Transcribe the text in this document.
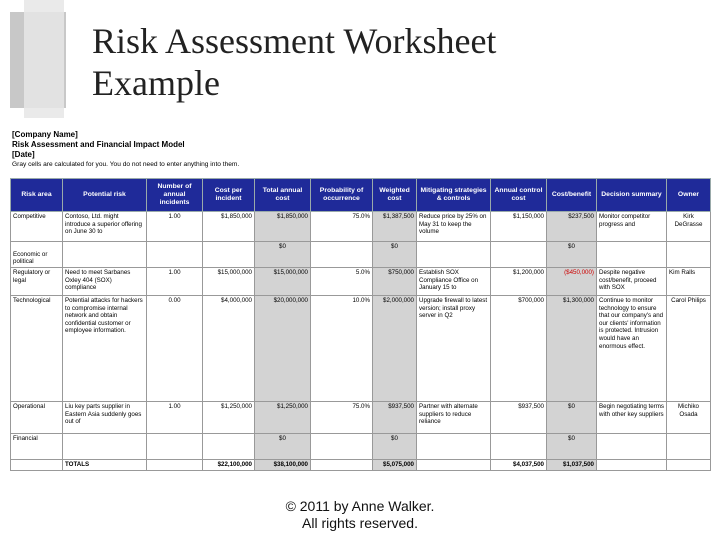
Risk Assessment Worksheet
Example
[Company Name]
Risk Assessment and Financial Impact Model
[Date]
Gray cells are calculated for you. You do not need to enter anything into them.
Risk area	Potential risk	Number of annual incidents	Cost per incident	Total annual cost	Probability of occurrence	Weighted cost	Mitigating strategies & controls	Annual control cost	Cost/benefit	Decision summary	Owner
Competitive	Contoso, Ltd. might introduce a superior offering on June 30 to	1.00	$1,850,000	$1,850,000	75.0%	$1,387,500	Reduce price by 25% on May 31 to keep the volume	$1,150,000	$237,500	Monitor competitor progress and	Kirk DeGrasse
Economic or political				$0		$0			$0		
Regulatory or legal	Need to meet Sarbanes Oxley 404 (SOX) compliance	1.00	$15,000,000	$15,000,000	5.0%	$750,000	Establish SOX Compliance Office on January 15 to	$1,200,000	($450,000)	Despite negative cost/benefit, proceed with SOX	Kim Ralls
Technological	Potential attacks for hackers to compromise internal network and obtain confidential customer or employee information.	0.00	$4,000,000	$20,000,000	10.0%	$2,000,000	Upgrade firewall to latest version; install proxy server in Q2	$700,000	$1,300,000	Continue to monitor technology to ensure that our company's and our clients' information is protected. Intrusion would have an enormous effect.	Carol Philips
Operational	Liu key parts supplier in Eastern Asia suddenly goes out of	1.00	$1,250,000	$1,250,000	75.0%	$937,500	Partner with alternate suppliers to reduce reliance	$937,500	$0	Begin negotiating terms with other key suppliers	Michiko Osada
Financial				$0		$0			$0		
	TOTALS		$22,100,000	$38,100,000		$5,075,000		$4,037,500	$1,037,500		
© 2011 by Anne Walker.
All rights reserved.
